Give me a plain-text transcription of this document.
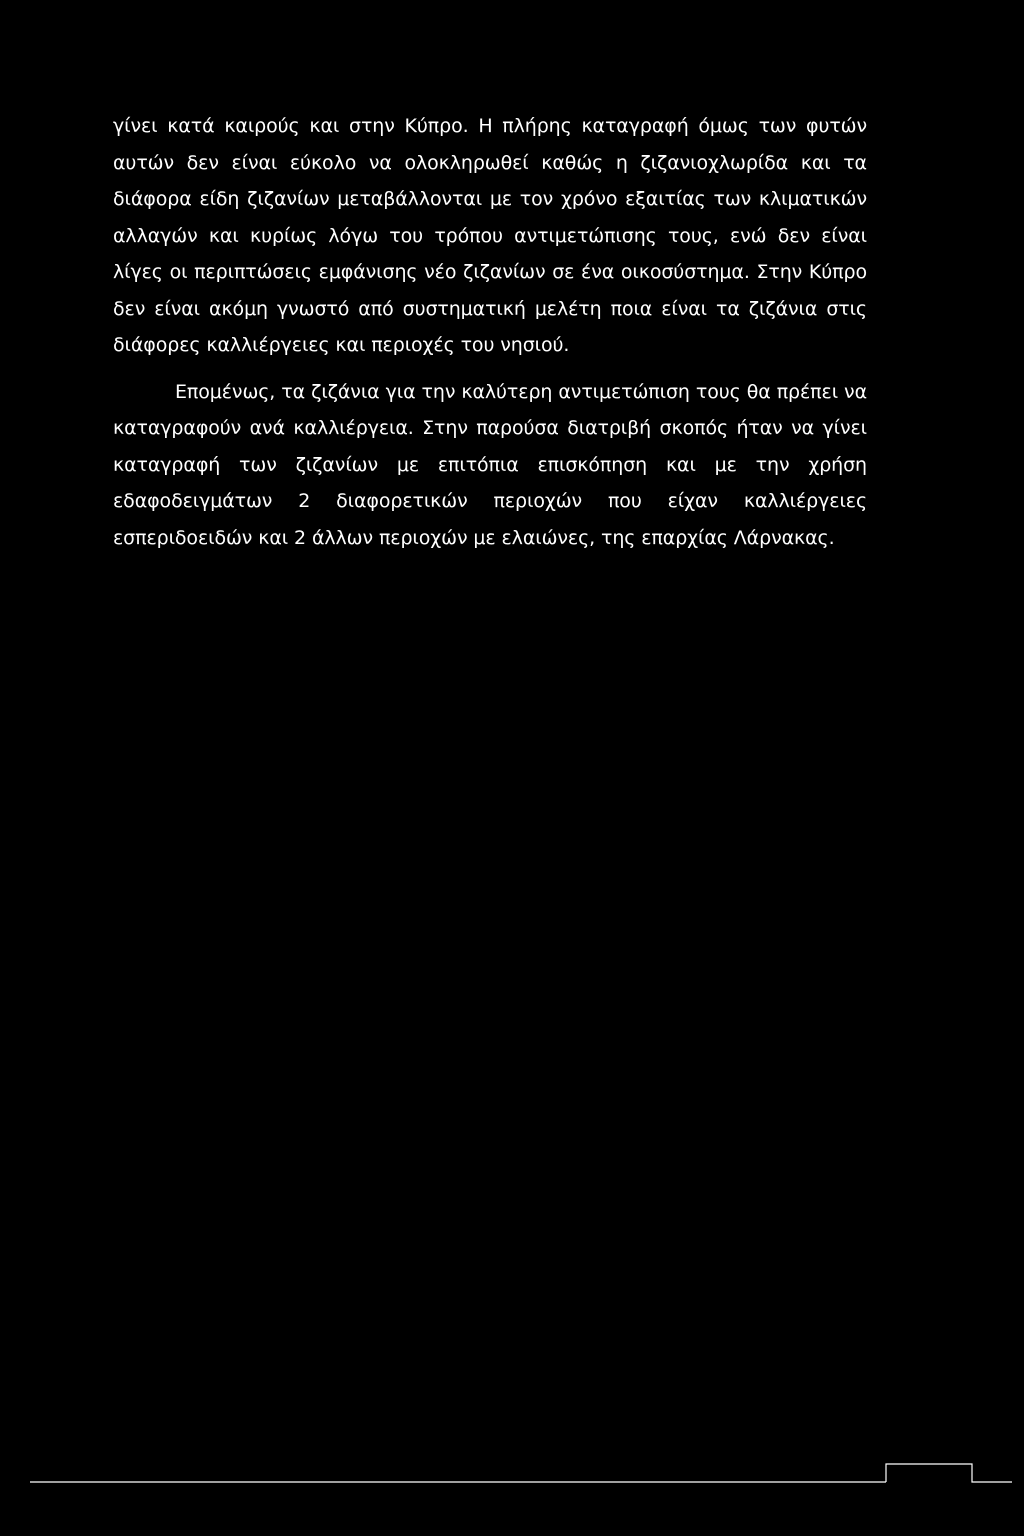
γίνει κατά καιρούς και στην Κύπρο. Η πλήρης καταγραφή όμως των φυτών αυτών δεν είναι εύκολο να ολοκληρωθεί καθώς η ζιζανιοχλωρίδα και τα διάφορα είδη ζιζανίων μεταβάλλονται με τον χρόνο εξαιτίας των κλιματικών αλλαγών και κυρίως λόγω του τρόπου αντιμετώπισης τους, ενώ δεν είναι λίγες οι περιπτώσεις εμφάνισης νέο ζιζανίων σε ένα οικοσύστημα. Στην Κύπρο δεν είναι ακόμη γνωστό από συστηματική μελέτη ποια είναι τα ζιζάνια στις διάφορες καλλιέργειες και περιοχές του νησιού.

Επομένως, τα ζιζάνια για την καλύτερη αντιμετώπιση τους θα πρέπει να καταγραφούν ανά καλλιέργεια. Στην παρούσα διατριβή σκοπός ήταν να γίνει καταγραφή των ζιζανίων με επιτόπια επισκόπηση και με την χρήση εδαφοδειγμάτων 2 διαφορετικών περιοχών που είχαν καλλιέργειες εσπεριδοειδών και 2 άλλων περιοχών με ελαιώνες, της επαρχίας Λάρνακας.
